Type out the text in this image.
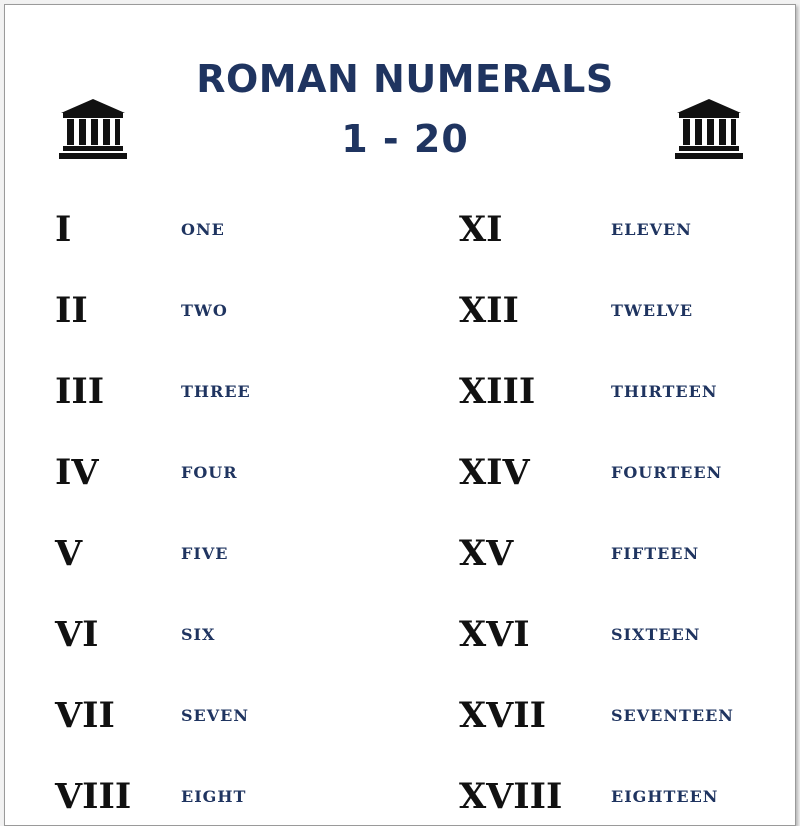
ROMAN NUMERALS
1 - 20
I	ONE
II	TWO
III	THREE
IV	FOUR
V	FIVE
VI	SIX
VII	SEVEN
VIII	EIGHT
XI	ELEVEN
XII	TWELVE
XIII	THIRTEEN
XIV	FOURTEEN
XV	FIFTEEN
XVI	SIXTEEN
XVII	SEVENTEEN
XVIII	EIGHTEEN
